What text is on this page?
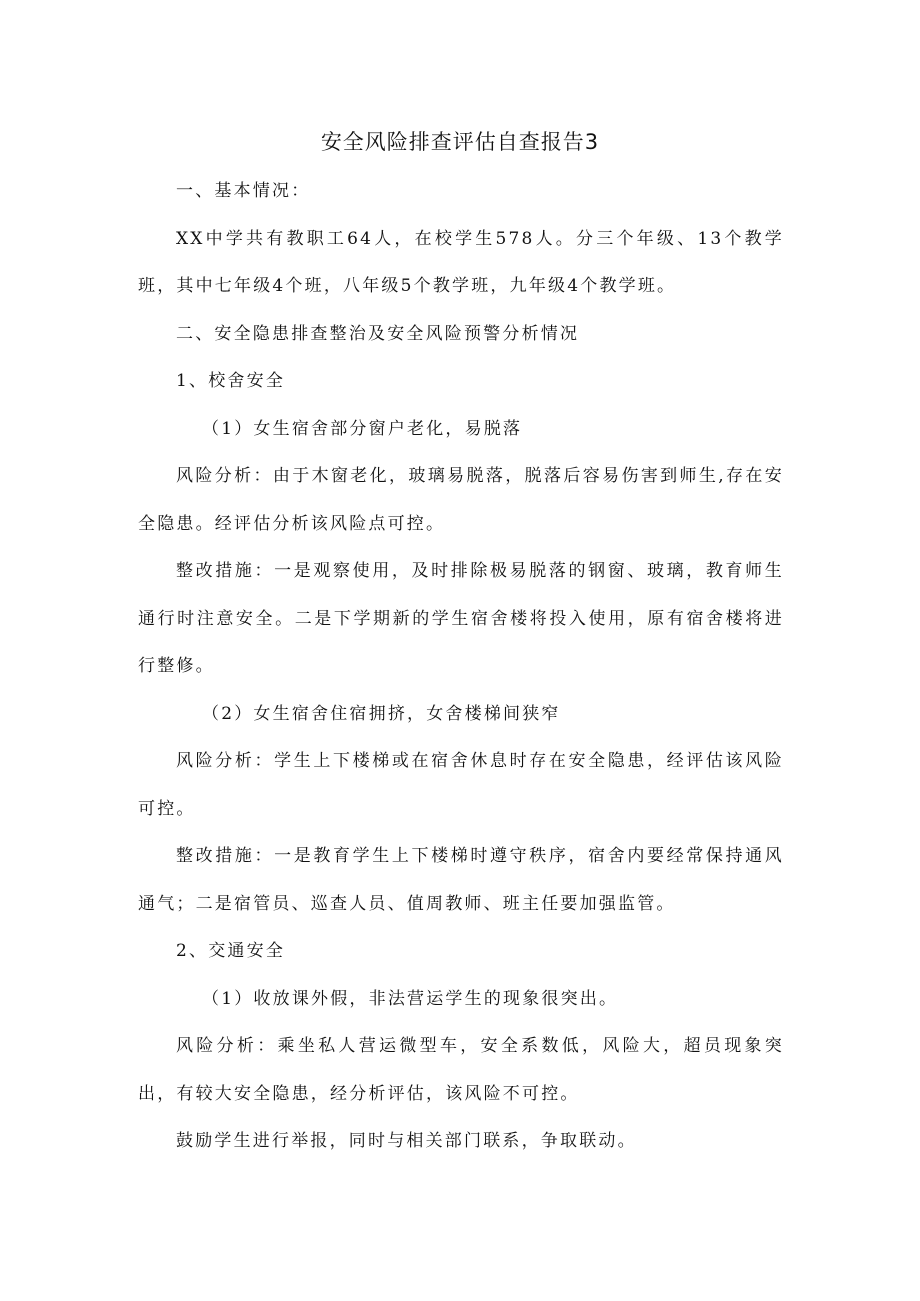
安全风险排查评估自查报告3

一、基本情况：

XX中学共有教职工64人，在校学生578人。分三个年级、13个教学班，其中七年级4个班，八年级5个教学班，九年级4个教学班。

二、安全隐患排查整治及安全风险预警分析情况

1、校舍安全

（1）女生宿舍部分窗户老化，易脱落

风险分析：由于木窗老化，玻璃易脱落，脱落后容易伤害到师生,存在安全隐患。经评估分析该风险点可控。

整改措施：一是观察使用，及时排除极易脱落的钢窗、玻璃，教育师生通行时注意安全。二是下学期新的学生宿舍楼将投入使用，原有宿舍楼将进行整修。

（2）女生宿舍住宿拥挤，女舍楼梯间狭窄

风险分析：学生上下楼梯或在宿舍休息时存在安全隐患，经评估该风险可控。

整改措施：一是教育学生上下楼梯时遵守秩序，宿舍内要经常保持通风通气；二是宿管员、巡查人员、值周教师、班主任要加强监管。

2、交通安全

（1）收放课外假，非法营运学生的现象很突出。

风险分析：乘坐私人营运微型车，安全系数低，风险大，超员现象突出，有较大安全隐患，经分析评估，该风险不可控。

鼓励学生进行举报，同时与相关部门联系，争取联动。
